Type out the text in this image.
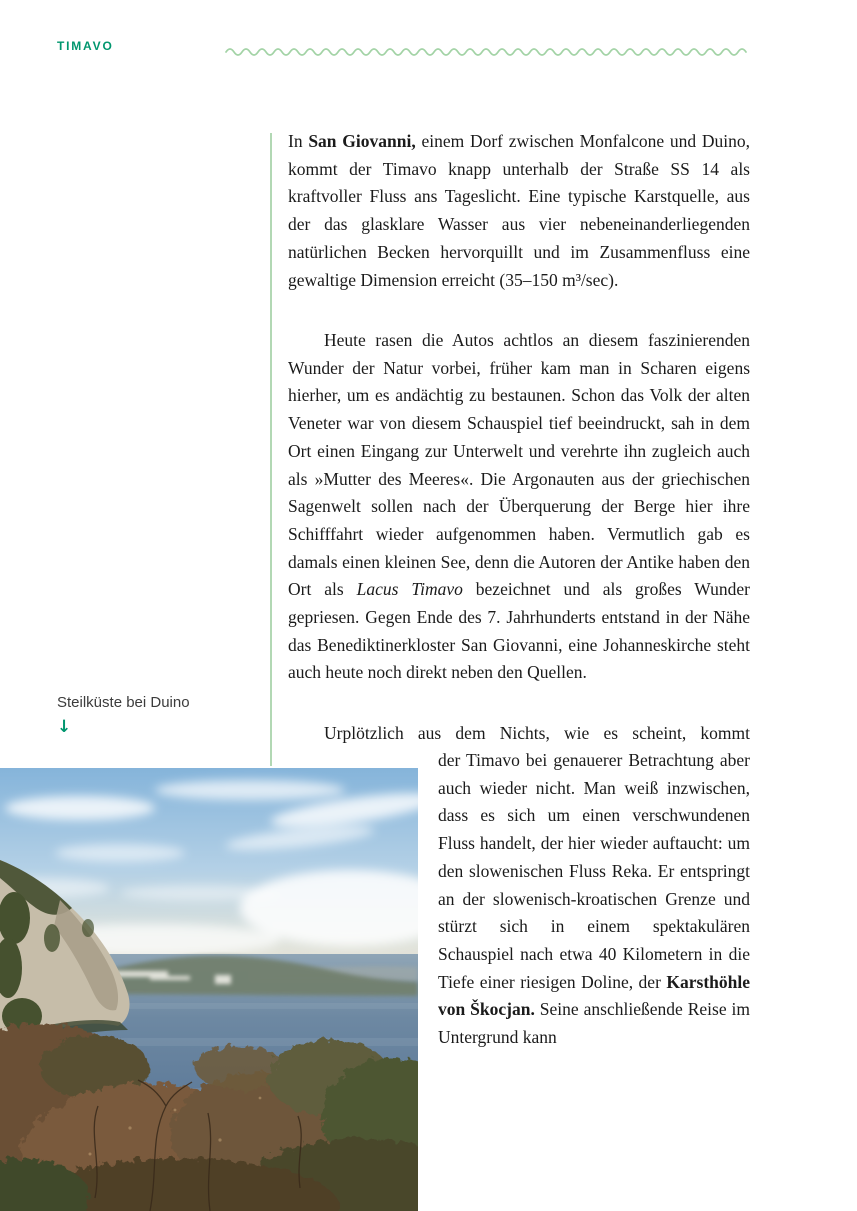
TIMAVO

In San Giovanni, einem Dorf zwischen Monfalcone und Duino, kommt der Timavo knapp unterhalb der Straße SS 14 als kraftvoller Fluss ans Tageslicht. Eine typische Karstquelle, aus der das glasklare Wasser aus vier nebeneinanderliegenden natürlichen Becken hervorquillt und im Zusammenfluss eine gewaltige Dimension erreicht (35–150 m³/sec).

Heute rasen die Autos achtlos an diesem faszinierenden Wunder der Natur vorbei, früher kam man in Scharen eigens hierher, um es andächtig zu bestaunen. Schon das Volk der alten Veneter war von diesem Schauspiel tief beeindruckt, sah in dem Ort einen Eingang zur Unterwelt und verehrte ihn zugleich auch als »Mutter des Meeres«. Die Argonauten aus der griechischen Sagenwelt sollen nach der Überquerung der Berge hier ihre Schifffahrt wieder aufgenommen haben. Vermutlich gab es damals einen kleinen See, denn die Autoren der Antike haben den Ort als Lacus Timavo bezeichnet und als großes Wunder gepriesen. Gegen Ende des 7. Jahrhunderts entstand in der Nähe das Benediktinerkloster San Giovanni, eine Johanneskirche steht auch heute noch direkt neben den Quellen.

Urplötzlich aus dem Nichts, wie es scheint, kommt

der Timavo bei genauerer Betrachtung aber auch wieder nicht. Man weiß inzwischen, dass es sich um einen verschwundenen Fluss handelt, der hier wieder auftaucht: um den slowenischen Fluss Reka. Er entspringt an der slowenisch-kroatischen Grenze und stürzt sich in einem spektakulären Schauspiel nach etwa 40 Kilometern in die Tiefe einer riesigen Doline, der Karsthöhle von Škocjan. Seine anschließende Reise im Untergrund kann

Steilküste bei Duino
↓
